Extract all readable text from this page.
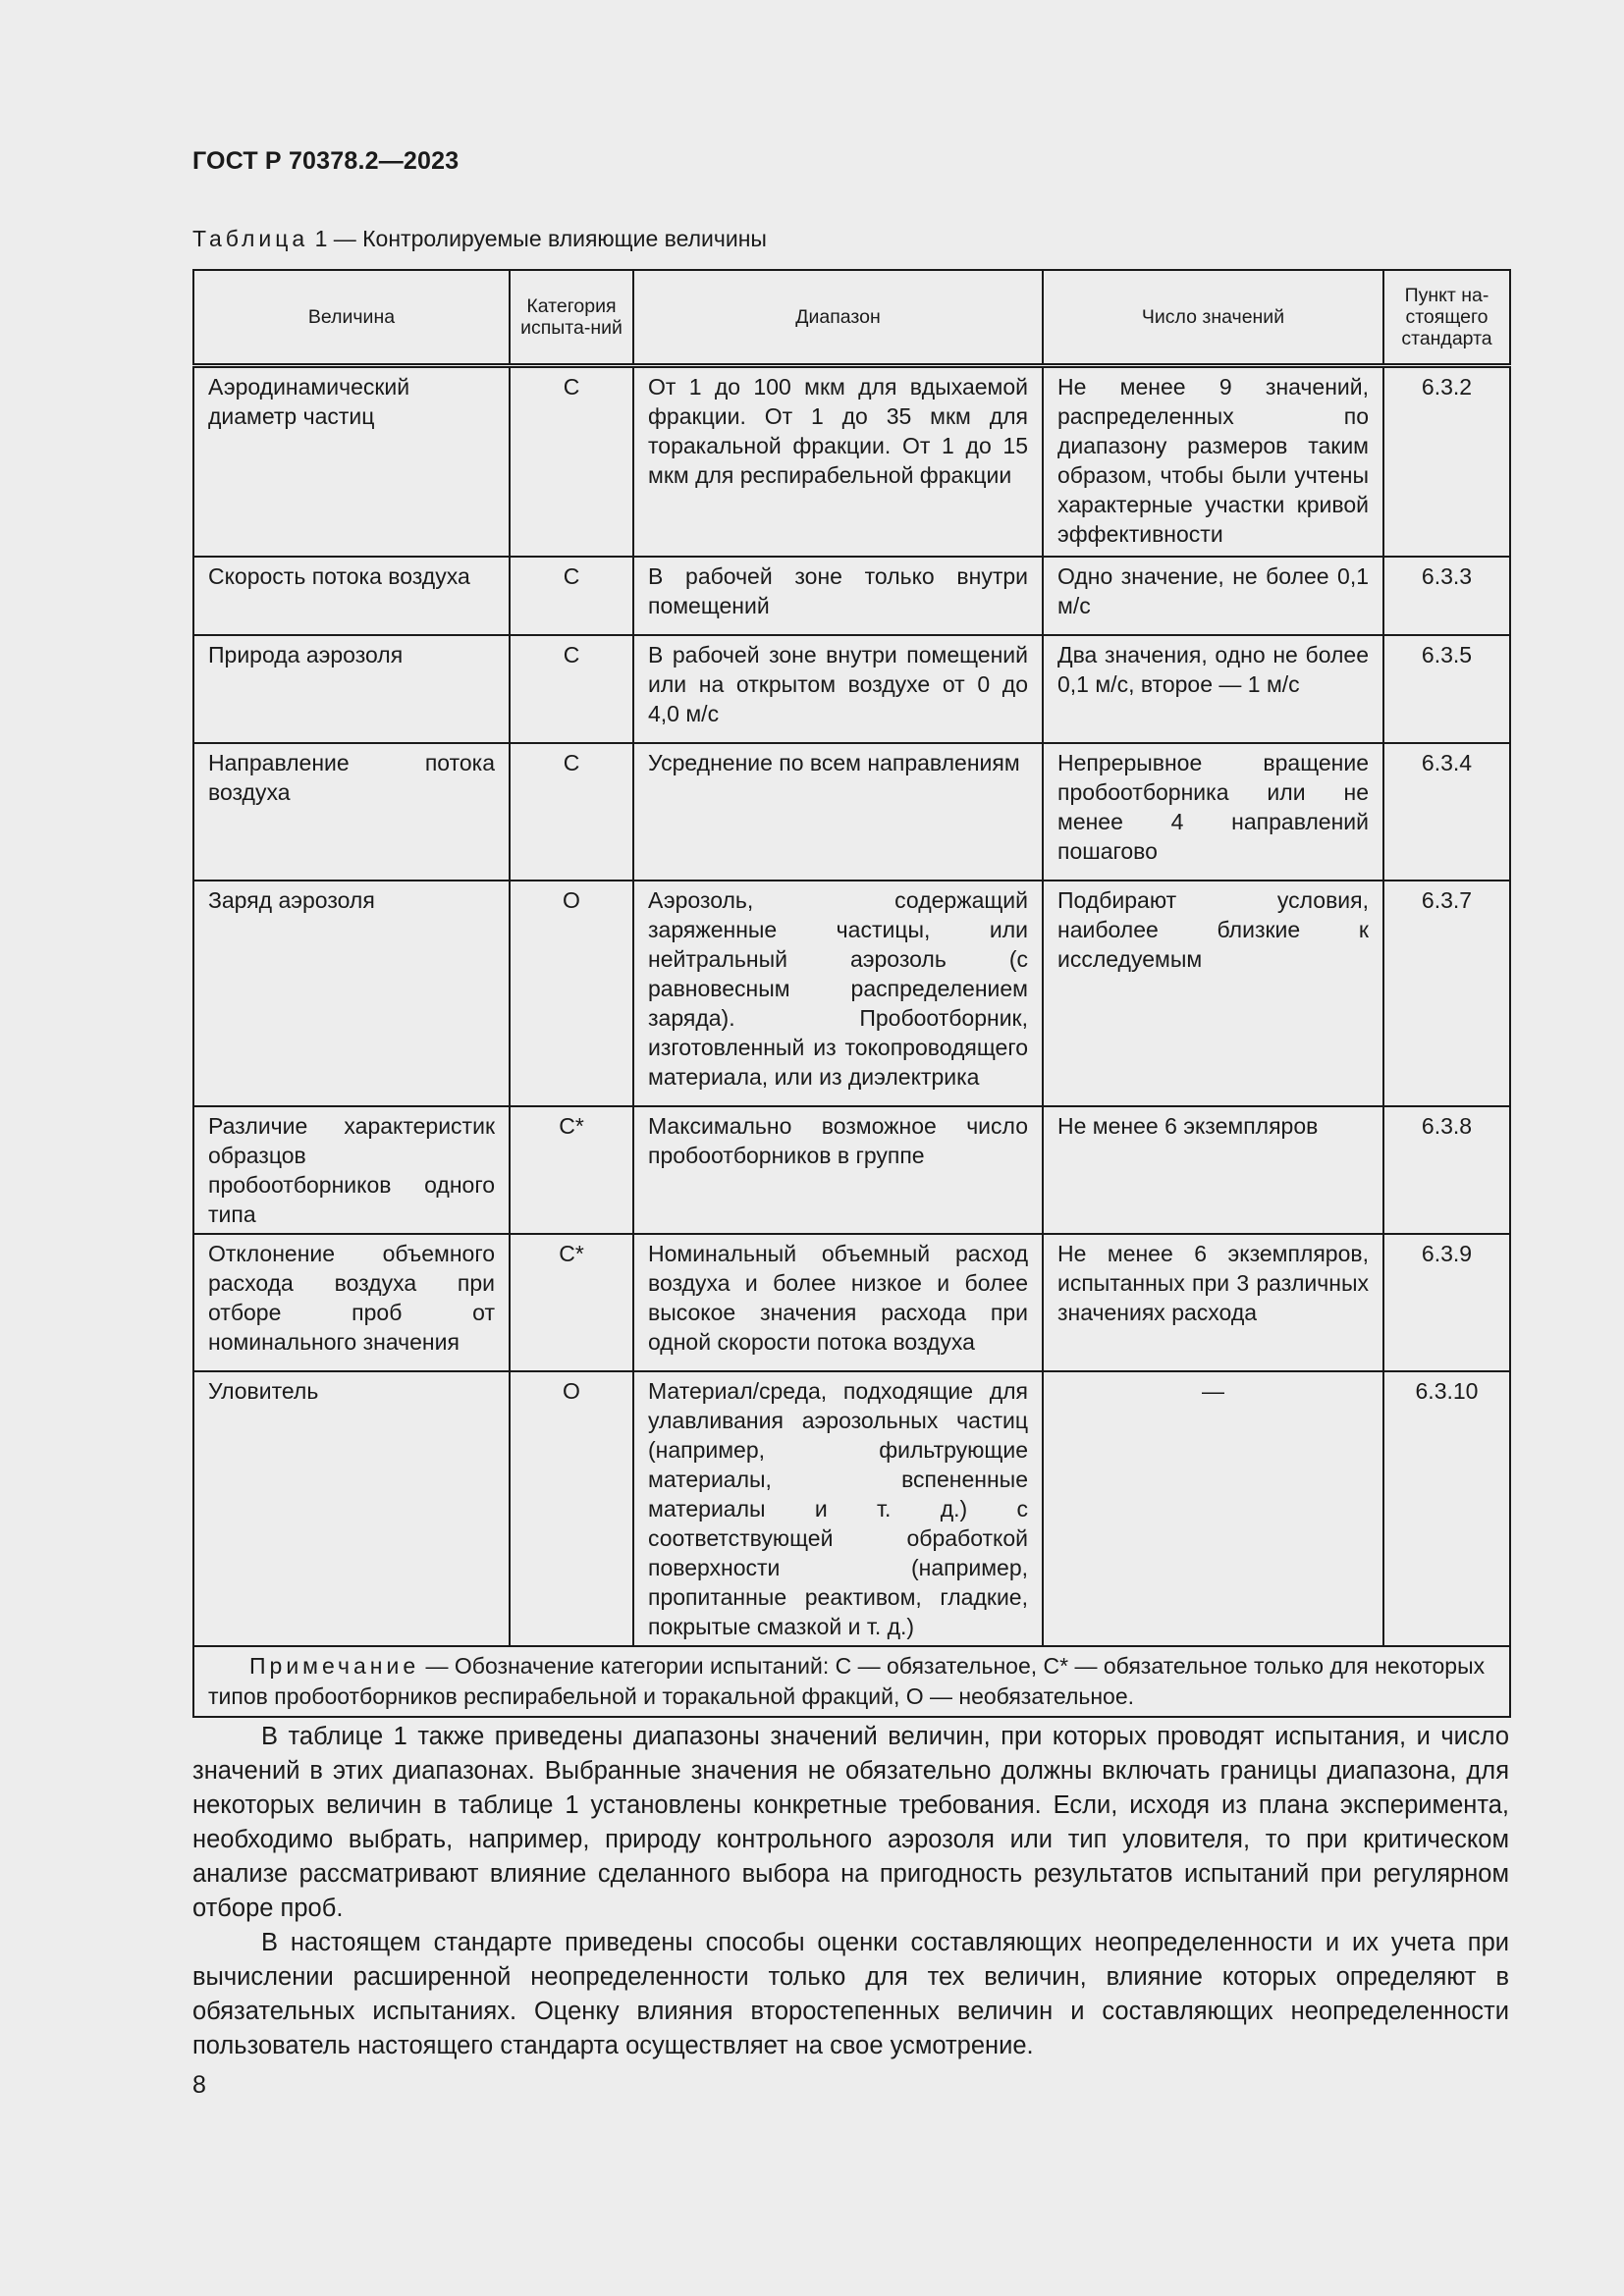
ГОСТ Р 70378.2—2023
Таблица 1 — Контролируемые влияющие величины
Величина	Категория испыта-ний	Диапазон	Число значений	Пункт на-стоящего стандарта
Аэродинамический диаметр частиц	С	От 1 до 100 мкм для вдыхаемой фракции. От 1 до 35 мкм для торакальной фракции. От 1 до 15 мкм для респирабельной фракции	Не менее 9 значений, распределенных по диапазону размеров таким образом, чтобы были учтены характерные участки кривой эффективности	6.3.2
Скорость потока воздуха	С	В рабочей зоне только внутри помещений	Одно значение, не более 0,1 м/с	6.3.3
Природа аэрозоля	С	В рабочей зоне внутри помещений или на открытом воздухе от 0 до 4,0 м/с	Два значения, одно не более 0,1 м/с, второе — 1 м/с	6.3.5
Направление потока воздуха	С	Усреднение по всем направлениям	Непрерывное вращение пробоотборника или не менее 4 направлений пошагово	6.3.4
Заряд аэрозоля	О	Аэрозоль, содержащий заряженные частицы, или нейтральный аэрозоль (с равновесным распределением заряда). Пробоотборник, изготовленный из токопроводящего материала, или из диэлектрика	Подбирают условия, наиболее близкие к исследуемым	6.3.7
Различие характеристик образцов пробоотборников одного типа	С*	Максимально возможное число пробоотборников в группе	Не менее 6 экземпляров	6.3.8
Отклонение объемного расхода воздуха при отборе проб от номинального значения	С*	Номинальный объемный расход воздуха и более низкое и более высокое значения расхода при одной скорости потока воздуха	Не менее 6 экземпляров, испытанных при 3 различных значениях расхода	6.3.9
Уловитель	О	Материал/среда, подходящие для улавливания аэрозольных частиц (например, фильтрующие материалы, вспененные материалы и т. д.) с соответствующей обработкой поверхности (например, пропитанные реактивом, гладкие, покрытые смазкой и т. д.)	—	6.3.10
Примечание — Обозначение категории испытаний: С — обязательное, С* — обязательное только для некоторых типов пробоотборников респирабельной и торакальной фракций, О — необязательное.				

В таблице 1 также приведены диапазоны значений величин, при которых проводят испытания, и число значений в этих диапазонах. Выбранные значения не обязательно должны включать границы диапазона, для некоторых величин в таблице 1 установлены конкретные требования. Если, исходя из плана эксперимента, необходимо выбрать, например, природу контрольного аэрозоля или тип уловителя, то при критическом анализе рассматривают влияние сделанного выбора на пригодность результатов испытаний при регулярном отборе проб.

В настоящем стандарте приведены способы оценки составляющих неопределенности и их учета при вычислении расширенной неопределенности только для тех величин, влияние которых определяют в обязательных испытаниях. Оценку влияния второстепенных величин и составляющих неопределенности пользователь настоящего стандарта осуществляет на свое усмотрение.

8
